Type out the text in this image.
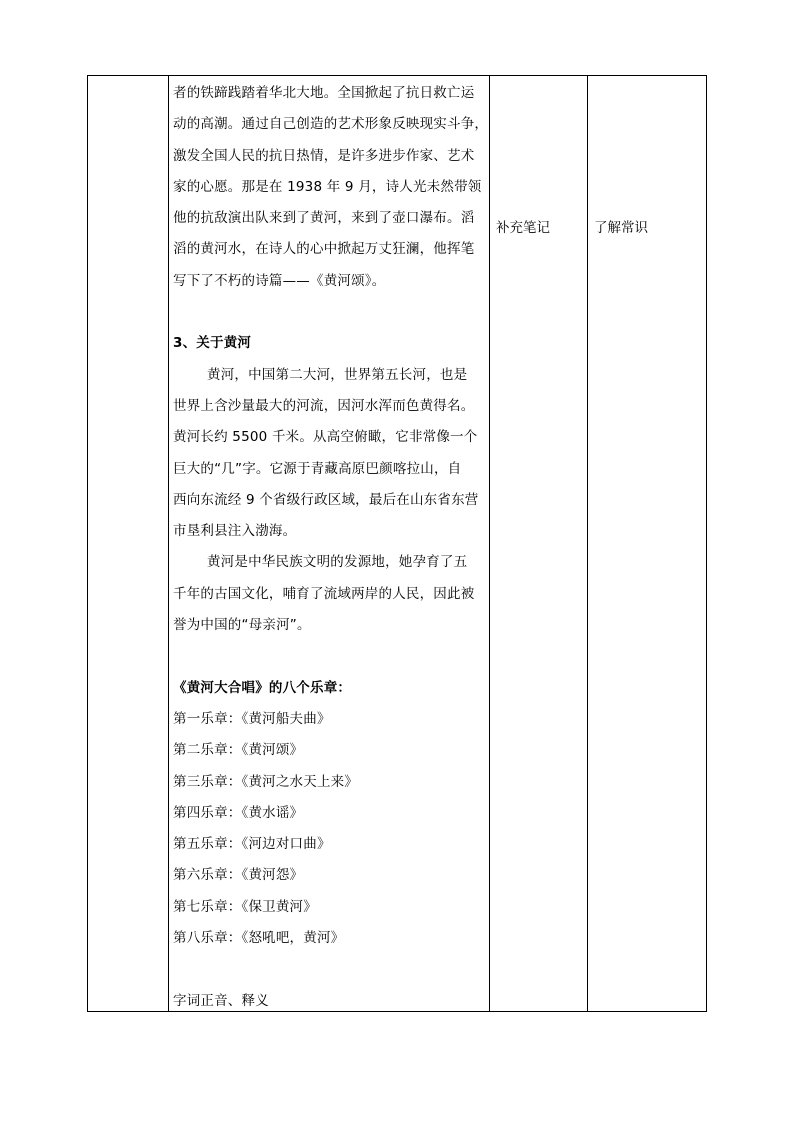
者的铁蹄践踏着华北大地。全国掀起了抗日救亡运
动的高潮。通过自己创造的艺术形象反映现实斗争，
激发全国人民的抗日热情，是许多进步作家、艺术
家的心愿。那是在 1938 年 9 月，诗人光未然带领
他的抗敌演出队来到了黄河，来到了壶口瀑布。滔
滔的黄河水，在诗人的心中掀起万丈狂澜，他挥笔
写下了不朽的诗篇——《黄河颂》。
3、关于黄河
黄河，中国第二大河，世界第五长河，也是
世界上含沙量最大的河流，因河水浑而色黄得名。
黄河长约 5500 千米。从高空俯瞰，它非常像一个
巨大的“几”字。它源于青藏高原巴颜喀拉山，自
西向东流经 9 个省级行政区域，最后在山东省东营
市垦利县注入渤海。
黄河是中华民族文明的发源地，她孕育了五
千年的古国文化，哺育了流域两岸的人民，因此被
誉为中国的“母亲河”。
《黄河大合唱》的八个乐章：
第一乐章：《黄河船夫曲》
第二乐章：《黄河颂》
第三乐章：《黄河之水天上来》
第四乐章：《黄水谣》
第五乐章：《河边对口曲》
第六乐章：《黄河怨》
第七乐章：《保卫黄河》
第八乐章：《怒吼吧，黄河》
字词正音、释义
补充笔记	了解常识
